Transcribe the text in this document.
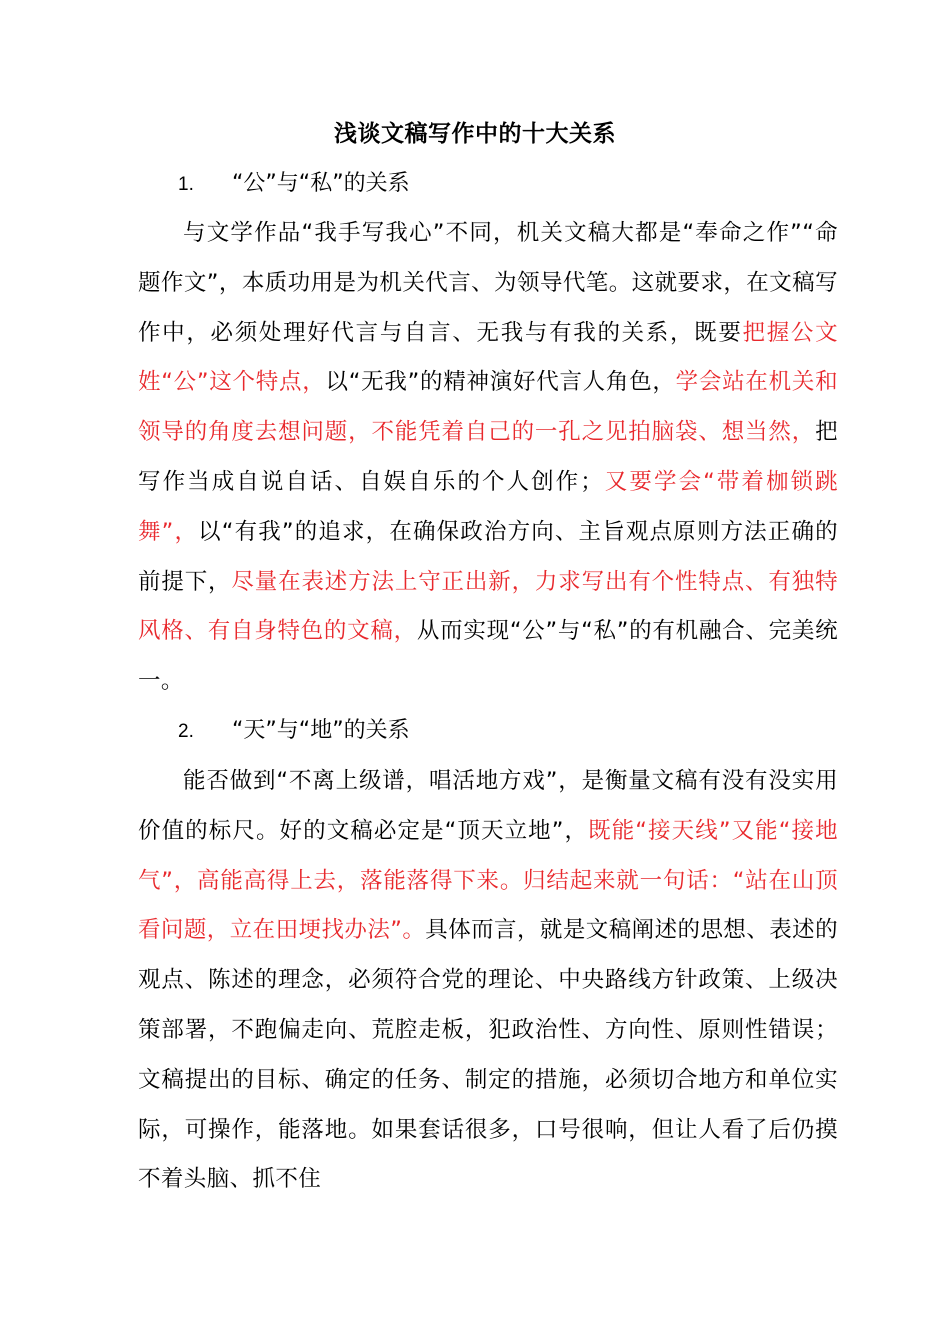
浅谈文稿写作中的十大关系
1. “公”与“私”的关系
与文学作品“我手写我心”不同，机关文稿大都是“奉命之作”“命题作文”，本质功用是为机关代言、为领导代笔。这就要求，在文稿写作中，必须处理好代言与自言、无我与有我的关系，既要把握公文姓“公”这个特点，以“无我”的精神演好代言人角色，学会站在机关和领导的角度去想问题，不能凭着自己的一孔之见拍脑袋、想当然，把写作当成自说自话、自娱自乐的个人创作；又要学会“带着枷锁跳舞”，以“有我”的追求，在确保政治方向、主旨观点原则方法正确的前提下，尽量在表述方法上守正出新，力求写出有个性特点、有独特风格、有自身特色的文稿，从而实现“公”与“私”的有机融合、完美统一。
2. “天”与“地”的关系
能否做到“不离上级谱，唱活地方戏”，是衡量文稿有没有没实用价值的标尺。好的文稿必定是“顶天立地”，既能“接天线”又能“接地气”，高能高得上去，落能落得下来。归结起来就一句话：“站在山顶看问题，立在田埂找办法”。具体而言，就是文稿阐述的思想、表述的观点、陈述的理念，必须符合党的理论、中央路线方针政策、上级决策部署，不跑偏走向、荒腔走板，犯政治性、方向性、原则性错误；文稿提出的目标、确定的任务、制定的措施，必须切合地方和单位实际，可操作，能落地。如果套话很多，口号很响，但让人看了后仍摸不着头脑、抓不住
